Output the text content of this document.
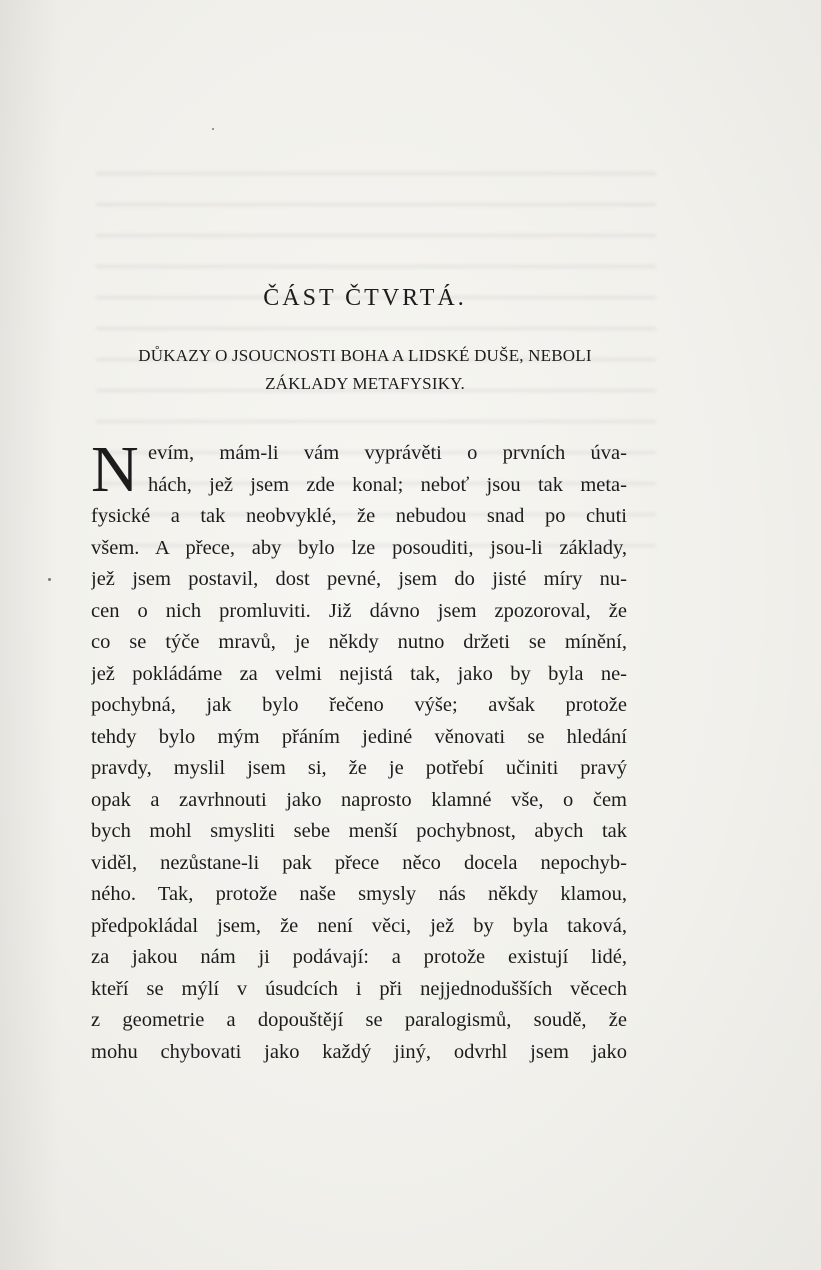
ČÁST ČTVRTÁ.
DŮKAZY O JSOUCNOSTI BOHA A LIDSKÉ DUŠE, NEBOLI
ZÁKLADY METAFYSIKY.
N evím, mám-li vám vyprávěti o prvních úva-
hách, jež jsem zde konal; neboť jsou tak meta-
fysické a tak neobvyklé, že nebudou snad po chuti
všem. A přece, aby bylo lze posouditi, jsou-li základy,
jež jsem postavil, dost pevné, jsem do jisté míry nu-
cen o nich promluviti. Již dávno jsem zpozoroval, že
co se týče mravů, je někdy nutno držeti se mínění,
jež pokládáme za velmi nejistá tak, jako by byla ne-
pochybná, jak bylo řečeno výše; avšak protože
tehdy bylo mým přáním jediné věnovati se hledání
pravdy, myslil jsem si, že je potřebí učiniti pravý
opak a zavrhnouti jako naprosto klamné vše, o čem
bych mohl smysliti sebe menší pochybnost, abych tak
viděl, nezůstane-li pak přece něco docela nepochyb-
ného. Tak, protože naše smysly nás někdy klamou,
předpokládal jsem, že není věci, jež by byla taková,
za jakou nám ji podávají: a protože existují lidé,
kteří se mýlí v úsudcích i při nejjednodušších věcech
z geometrie a dopouštějí se paralogismů, soudě, že
mohu chybovati jako každý jiný, odvrhl jsem jako
